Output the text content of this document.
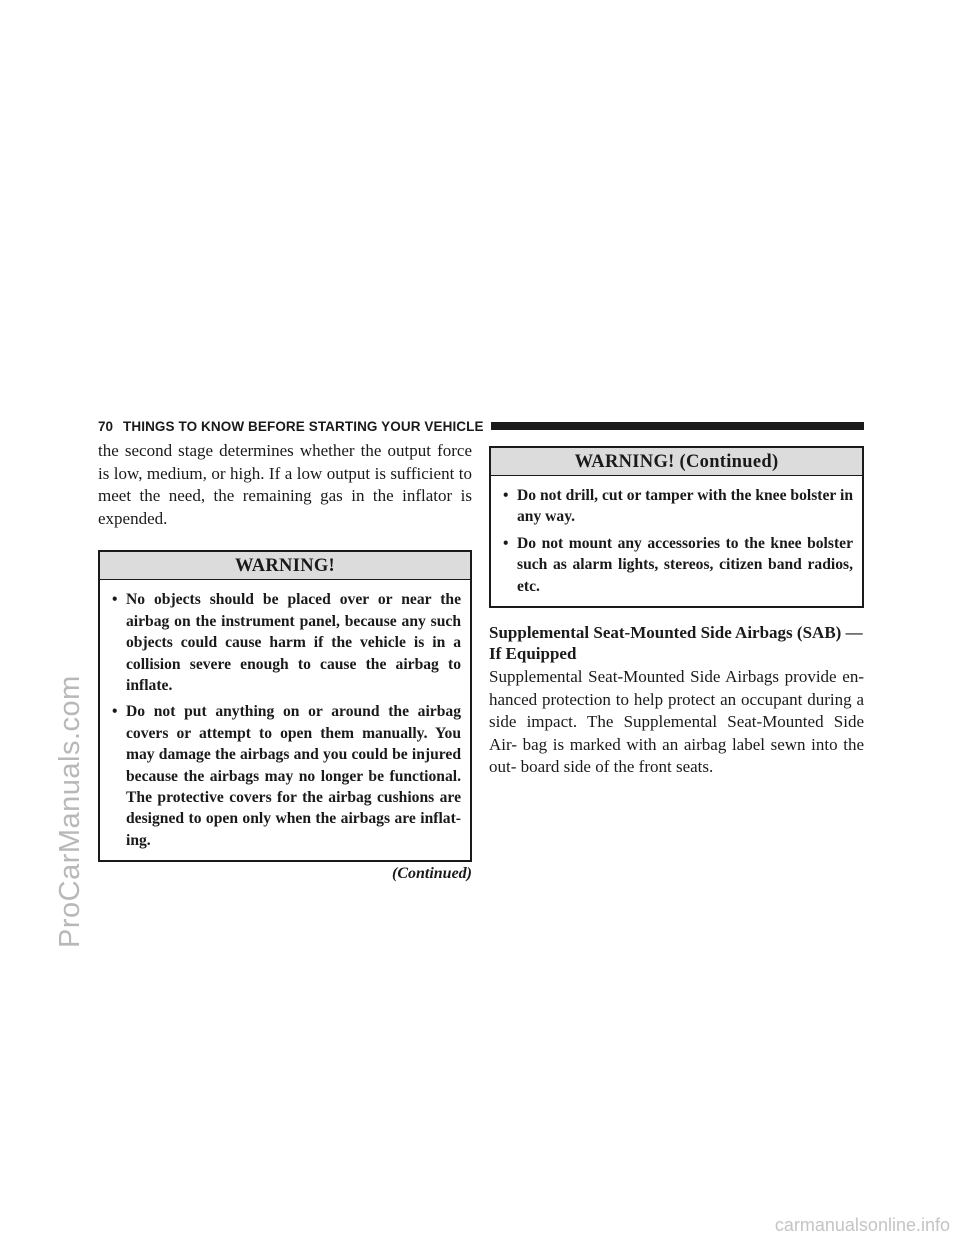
ProCarManuals.com
70 THINGS TO KNOW BEFORE STARTING YOUR VEHICLE

the second stage determines whether the output force is low, medium, or high. If a low output is sufficient to meet the need, the remaining gas in the inflator is expended.

WARNING!
• No objects should be placed over or near the airbag on the instrument panel, because any such objects could cause harm if the vehicle is in a collision severe enough to cause the airbag to inflate.
• Do not put anything on or around the airbag covers or attempt to open them manually. You may damage the airbags and you could be injured because the airbags may no longer be functional. The protective covers for the airbag cushions are designed to open only when the airbags are inflat- ing.
(Continued)
WARNING! (Continued)
• Do not drill, cut or tamper with the knee bolster in any way.
• Do not mount any accessories to the knee bolster such as alarm lights, stereos, citizen band radios, etc.
Supplemental Seat-Mounted Side Airbags (SAB) —
If Equipped

Supplemental Seat-Mounted Side Airbags provide en- hanced protection to help protect an occupant during a side impact. The Supplemental Seat-Mounted Side Air- bag is marked with an airbag label sewn into the out- board side of the front seats.

carmanualsonline.info
